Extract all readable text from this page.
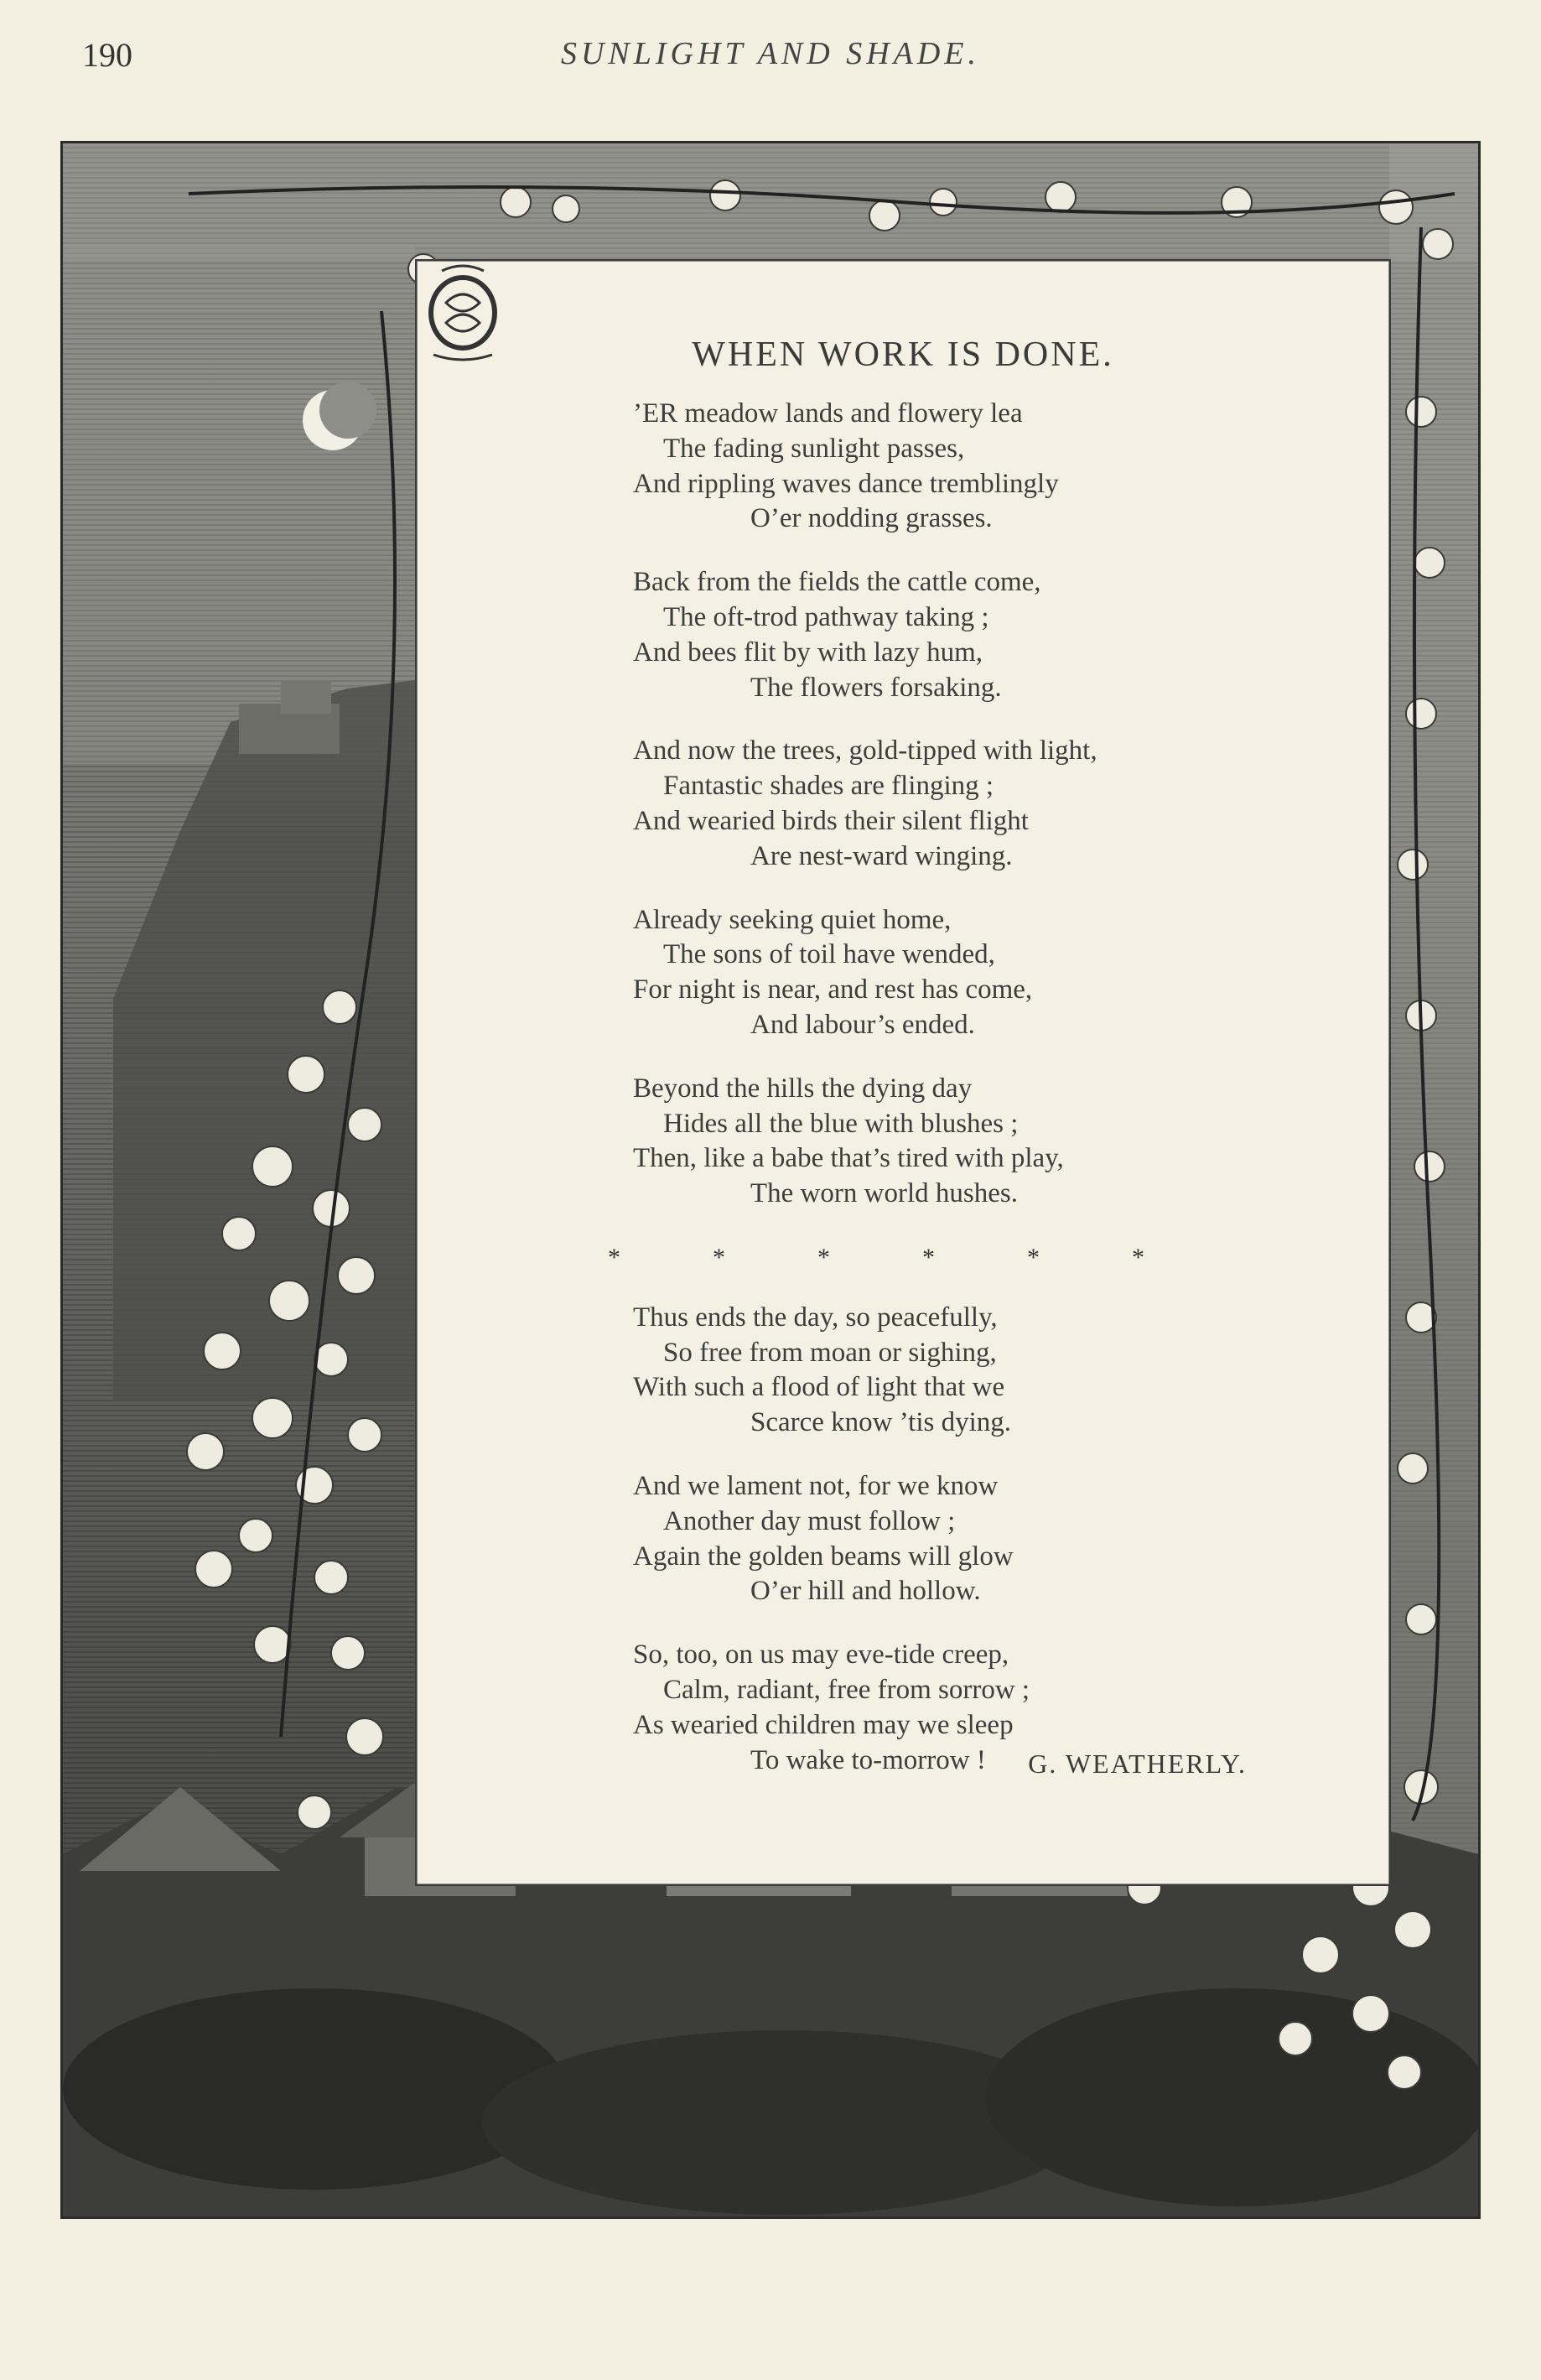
190	SUNLIGHT AND SHADE.
WHEN WORK IS DONE.
’ER meadow lands and flowery lea
The fading sunlight passes,
And rippling waves dance tremblingly
O’er nodding grasses.
Back from the fields the cattle come,
The oft-trod pathway taking ;
And bees flit by with lazy hum,
The flowers forsaking.
And now the trees, gold-tipped with light,
Fantastic shades are flinging ;
And wearied birds their silent flight
Are nest-ward winging.
Already seeking quiet home,
The sons of toil have wended,
For night is near, and rest has come,
And labour’s ended.
Beyond the hills the dying day
Hides all the blue with blushes ;
Then, like a babe that’s tired with play,
The worn world hushes.
*	*	*	*	*	*
Thus ends the day, so peacefully,
So free from moan or sighing,
With such a flood of light that we
Scarce know ’tis dying.
And we lament not, for we know
Another day must follow ;
Again the golden beams will glow
O’er hill and hollow.
So, too, on us may eve-tide creep,
Calm, radiant, free from sorrow ;
As wearied children may we sleep
To wake to-morrow !	G. WEATHERLY.
